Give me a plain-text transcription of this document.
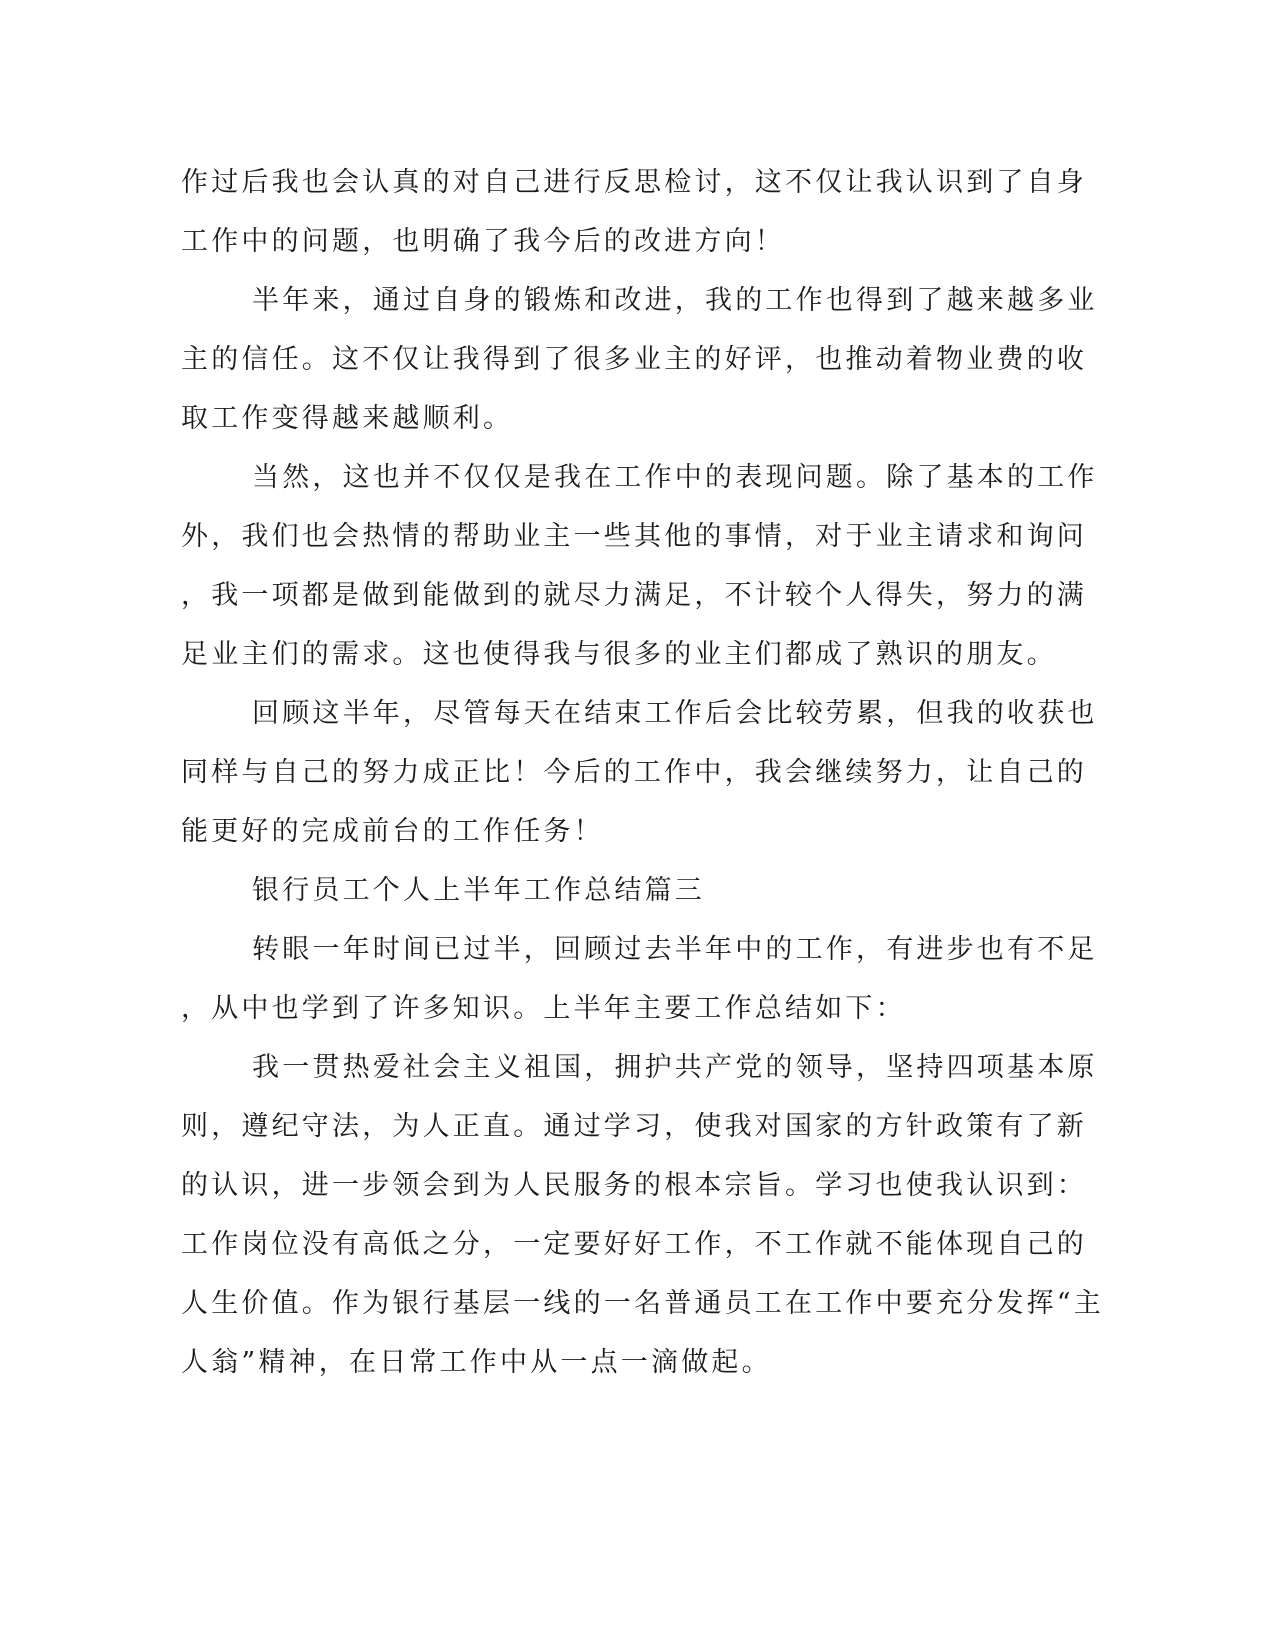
作过后我也会认真的对自己进行反思检讨，这不仅让我认识到了自身
工作中的问题，也明确了我今后的改进方向！
半年来，通过自身的锻炼和改进，我的工作也得到了越来越多业
主的信任。这不仅让我得到了很多业主的好评，也推动着物业费的收
取工作变得越来越顺利。
当然，这也并不仅仅是我在工作中的表现问题。除了基本的工作
外，我们也会热情的帮助业主一些其他的事情，对于业主请求和询问
，我一项都是做到能做到的就尽力满足，不计较个人得失，努力的满
足业主们的需求。这也使得我与很多的业主们都成了熟识的朋友。
回顾这半年，尽管每天在结束工作后会比较劳累，但我的收获也
同样与自己的努力成正比！今后的工作中，我会继续努力，让自己的
能更好的完成前台的工作任务！
银行员工个人上半年工作总结篇三
转眼一年时间已过半，回顾过去半年中的工作，有进步也有不足
，从中也学到了许多知识。上半年主要工作总结如下：
我一贯热爱社会主义祖国，拥护共产党的领导，坚持四项基本原
则，遵纪守法，为人正直。通过学习，使我对国家的方针政策有了新
的认识，进一步领会到为人民服务的根本宗旨。学习也使我认识到：
工作岗位没有高低之分，一定要好好工作，不工作就不能体现自己的
人生价值。作为银行基层一线的一名普通员工在工作中要充分发挥“主
人翁”精神，在日常工作中从一点一滴做起。
